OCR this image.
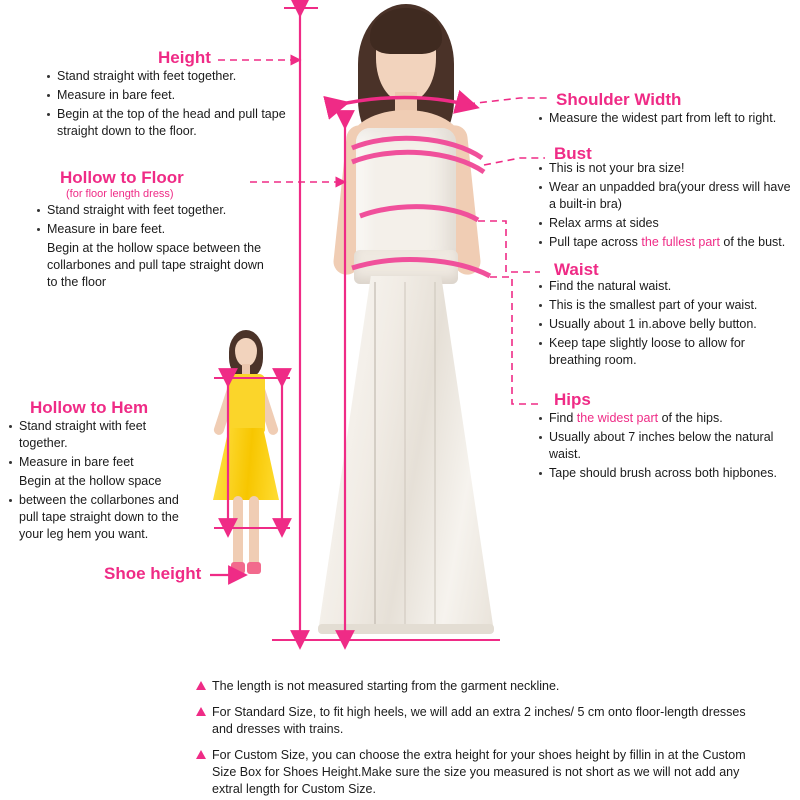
Height
Stand straight with feet together.
Measure in bare feet.
Begin at the top of the head and pull tape straight down to the floor.
Hollow to Floor
(for floor length dress)
Stand straight with feet together.
Measure in bare feet.
Begin at the hollow space between the collarbones and pull tape straight down to the floor
Hollow to Hem
Stand straight with feet together.
Measure in bare feet
Begin at the hollow space
between the collarbones and pull tape straight down to the your leg hem you want.
Shoe height
Shoulder Width
Measure the widest part from left to right.
Bust
This is not your bra size!
Wear an unpadded bra(your dress will have a built-in bra)
Relax arms at sides
Pull tape across the fullest part of the bust.
Waist
Find the natural waist.
This is the smallest part of your waist.
Usually about 1 in.above belly button.
Keep tape slightly loose to allow for breathing room.
Hips
Find the widest part of the hips.
Usually about 7 inches below the natural waist.
Tape should brush across both hipbones.
The length is not measured starting from the garment neckline.
For Standard Size, to fit high heels, we will add an extra 2 inches/ 5 cm onto floor-length dresses and dresses with trains.
For Custom Size, you can choose the extra height for your shoes height by fillin in at the Custom Size Box for Shoes Height.Make sure the size you measured is not short as we will not add any extral length for Custom Size.
